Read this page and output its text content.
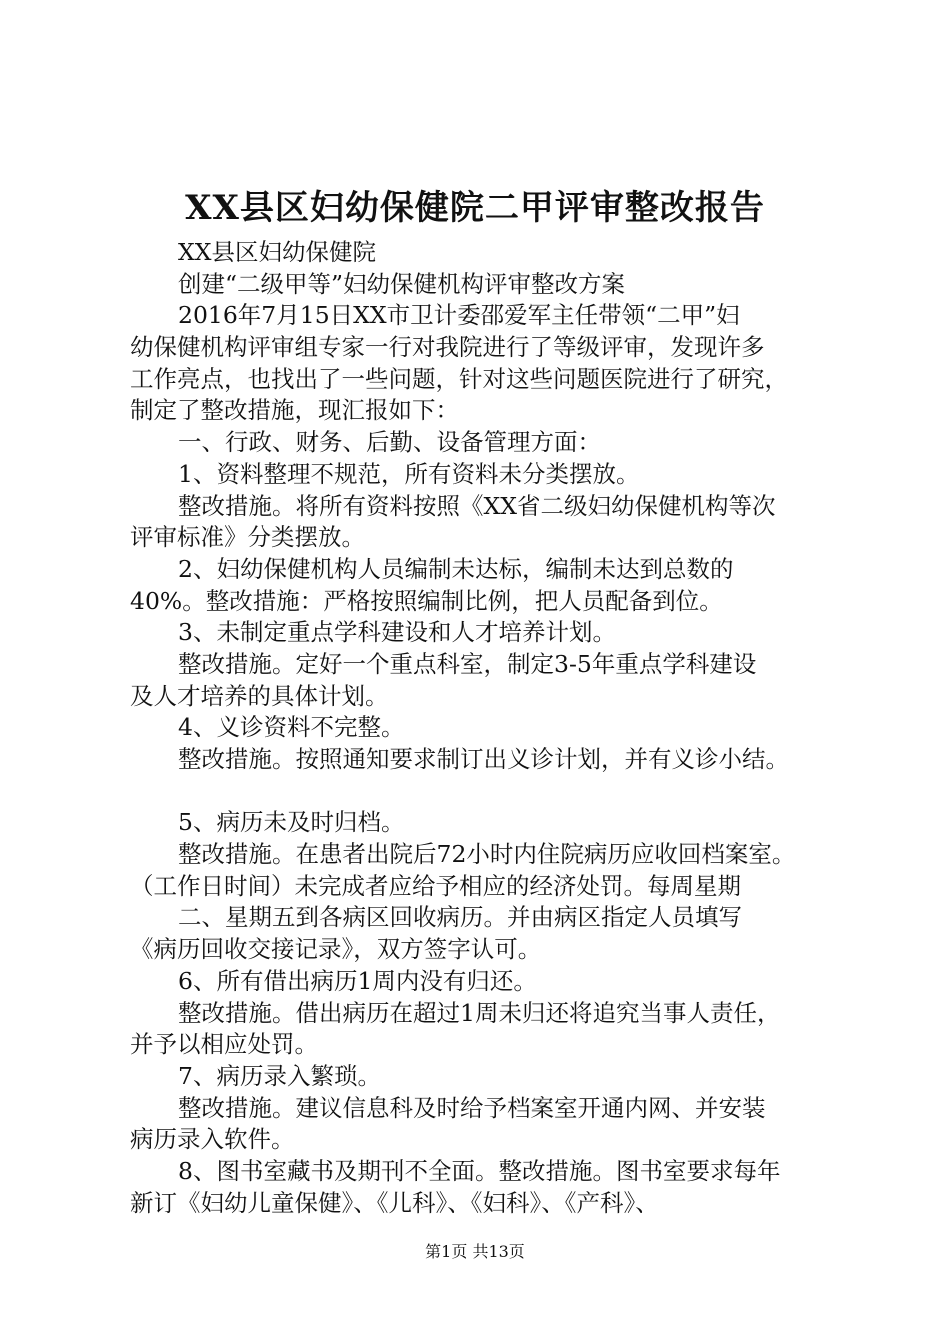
XX县区妇幼保健院二甲评审整改报告
XX县区妇幼保健院
创建“二级甲等”妇幼保健机构评审整改方案
2016年7月15日XX市卫计委邵爱军主任带领“二甲”妇
幼保健机构评审组专家一行对我院进行了等级评审，发现许多
工作亮点，也找出了一些问题，针对这些问题医院进行了研究，
制定了整改措施，现汇报如下：
一、行政、财务、后勤、设备管理方面：
1、资料整理不规范，所有资料未分类摆放。
整改措施。将所有资料按照《XX省二级妇幼保健机构等次
评审标准》分类摆放。
2、妇幼保健机构人员编制未达标，编制未达到总数的
40%。整改措施：严格按照编制比例，把人员配备到位。
3、未制定重点学科建设和人才培养计划。
整改措施。定好一个重点科室，制定3-5年重点学科建设
及人才培养的具体计划。
4、义诊资料不完整。
整改措施。按照通知要求制订出义诊计划，并有义诊小结。
5、病历未及时归档。
整改措施。在患者出院后72小时内住院病历应收回档案室。
（工作日时间）未完成者应给予相应的经济处罚。每周星期
二、星期五到各病区回收病历。并由病区指定人员填写
《病历回收交接记录》，双方签字认可。
6、所有借出病历1周内没有归还。
整改措施。借出病历在超过1周未归还将追究当事人责任，
并予以相应处罚。
7、病历录入繁琐。
整改措施。建议信息科及时给予档案室开通内网、并安装
病历录入软件。
8、图书室藏书及期刊不全面。整改措施。图书室要求每年
新订《妇幼儿童保健》、《儿科》、《妇科》、《产科》、
第1页 共13页
